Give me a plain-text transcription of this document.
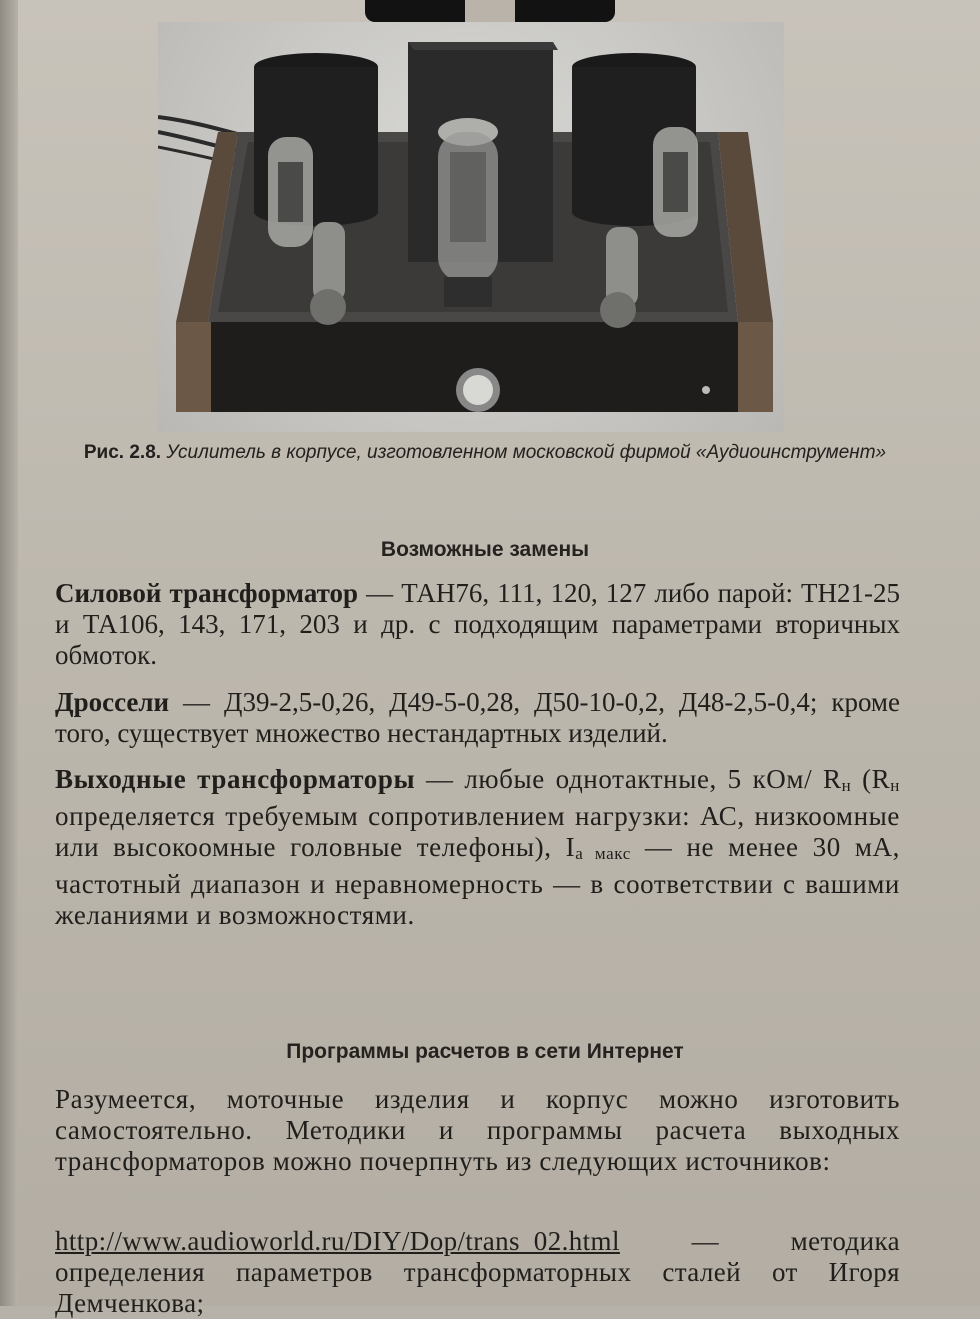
Рис. 2.8. Усилитель в корпусе, изготовленном московской фирмой «Аудиоинструмент»
Возможные замены

Силовой трансформатор — ТАН76, 111, 120, 127 либо парой: ТН21-25 и ТА106, 143, 171, 203 и др. с подходящим параметрами вторичных обмоток.

Дроссели — Д39-2,5-0,26, Д49-5-0,28, Д50-10-0,2, Д48-2,5-0,4; кроме того, существует множество нестандартных изделий.

Выходные трансформаторы — любые однотактные, 5 кОм/ Rн (Rн определяется требуемым сопротивлением нагрузки: АС, низкоомные или высокоомные головные телефоны), Iа макс — не менее 30 мА, частотный диапазон и неравномерность — в соответствии с вашими желаниями и возможностями.

Программы расчетов в сети Интернет

Разумеется, моточные изделия и корпус можно изготовить самостоятельно. Методики и программы расчета выходных трансформаторов можно почерпнуть из следующих источников:

http://www.audioworld.ru/DIY/Dop/trans_02.html — методика определения параметров трансформаторных сталей от Игоря Демченкова;
